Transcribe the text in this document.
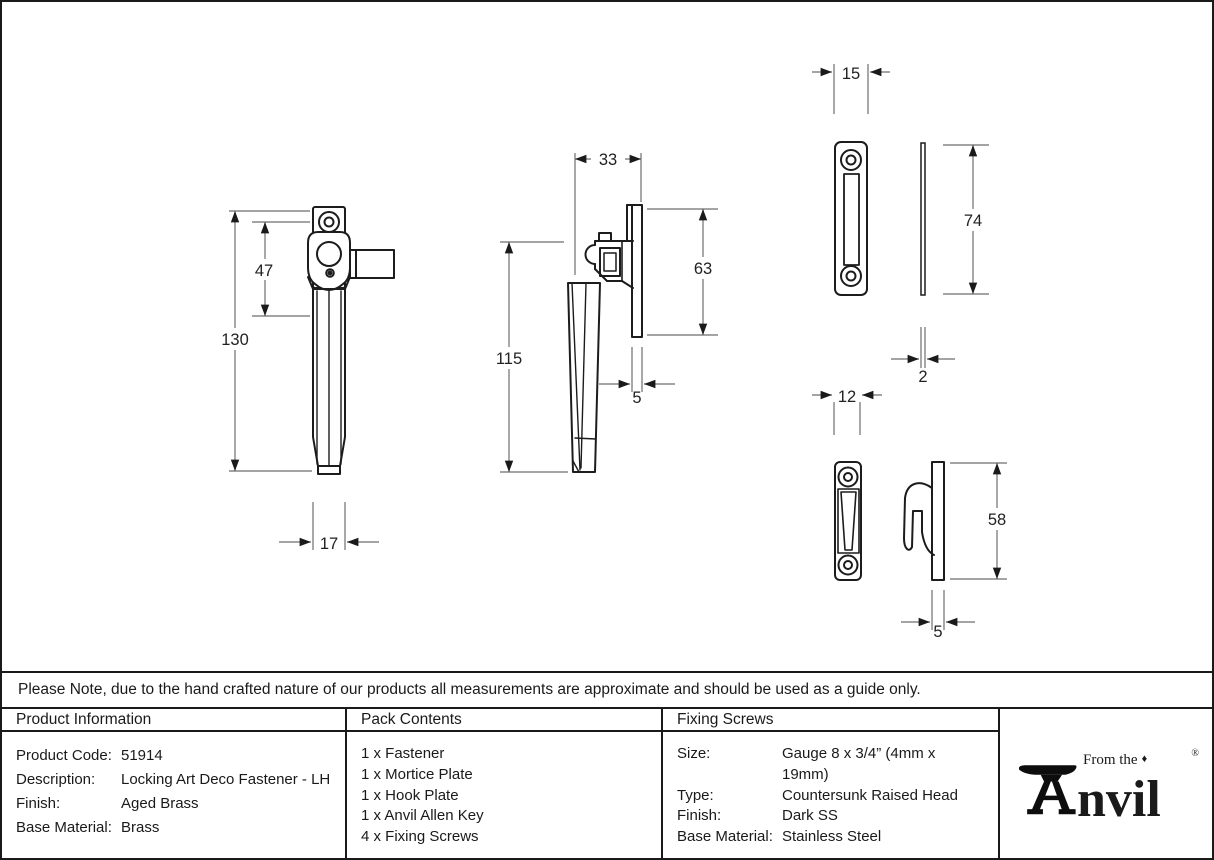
130
47
17
33
115
63
5
15
74
2
12
58
5
Please Note, due to the hand crafted nature of our products all measurements are approximate and should be used as a guide only.
Product Information	Pack Contents	Fixing Screws
nvil
From the ♦	®
Product Code: 51914
Description:	Locking Art Deco Fastener - LH
Finish:	Aged Brass
Base Material: Brass
1 x Fastener
1 x Mortice Plate
1 x Hook Plate
1 x Anvil Allen Key
4 x Fixing Screws
Size:	Gauge 8 x 3/4” (4mm x 19mm)
Type:	Countersunk Raised Head
Finish:	Dark SS
Base Material: Stainless Steel
